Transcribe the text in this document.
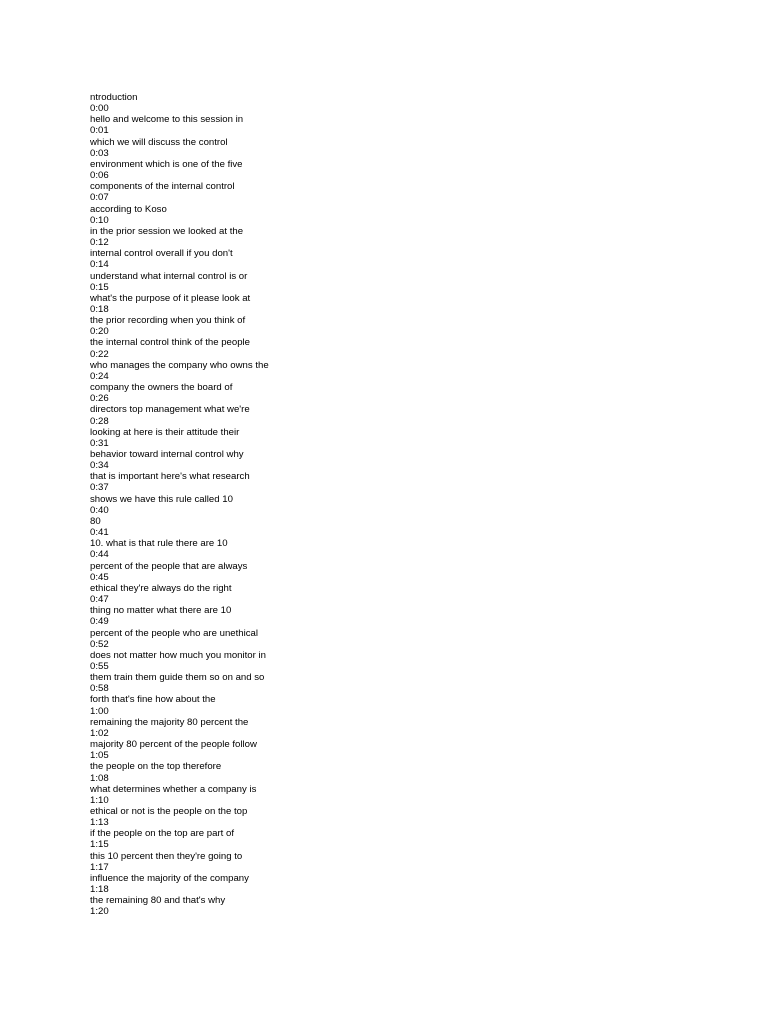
ntroduction
0:00
hello and welcome to this session in
0:01
which we will discuss the control
0:03
environment which is one of the five
0:06
components of the internal control
0:07
according to Koso
0:10
in the prior session we looked at the
0:12
internal control overall if you don't
0:14
understand what internal control is or
0:15
what's the purpose of it please look at
0:18
the prior recording when you think of
0:20
the internal control think of the people
0:22
who manages the company who owns the
0:24
company the owners the board of
0:26
directors top management what we're
0:28
looking at here is their attitude their
0:31
behavior toward internal control why
0:34
that is important here's what research
0:37
shows we have this rule called 10
0:40
80
0:41
10. what is that rule there are 10
0:44
percent of the people that are always
0:45
ethical they're always do the right
0:47
thing no matter what there are 10
0:49
percent of the people who are unethical
0:52
does not matter how much you monitor in
0:55
them train them guide them so on and so
0:58
forth that's fine how about the
1:00
remaining the majority 80 percent the
1:02
majority 80 percent of the people follow
1:05
the people on the top therefore
1:08
what determines whether a company is
1:10
ethical or not is the people on the top
1:13
if the people on the top are part of
1:15
this 10 percent then they're going to
1:17
influence the majority of the company
1:18
the remaining 80 and that's why
1:20
